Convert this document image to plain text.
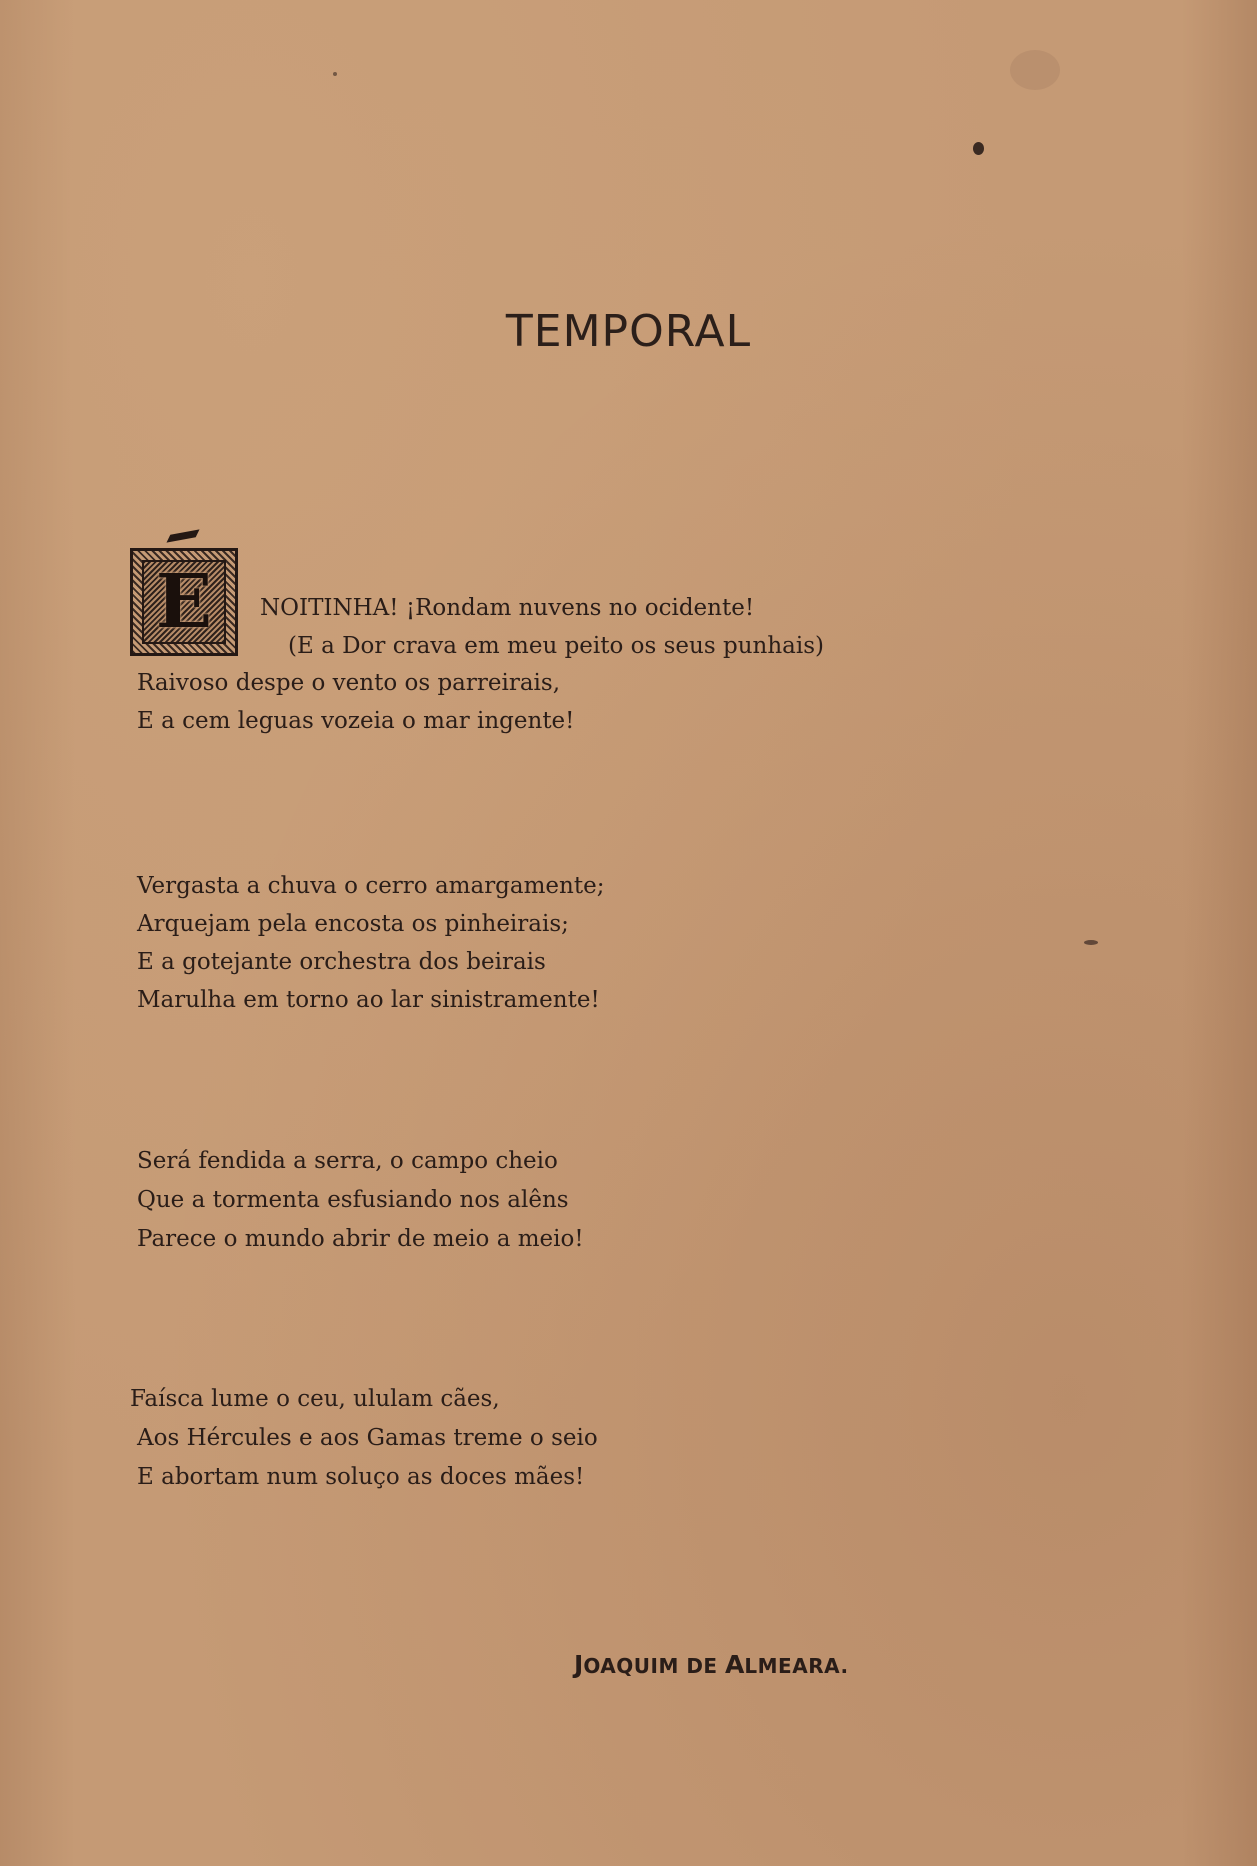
TEMPORAL
E

	NOITINHA! ¡Rondam nuvens no ocidente!

(E a Dor crava em meu peito os seus punhais)

Raivoso despe o vento os parreirais,

E a cem leguas vozeia o mar ingente!

Vergasta a chuva o cerro amargamente;

Arquejam pela encosta os pinheirais;

E a gotejante orchestra dos beirais

Marulha em torno ao lar sinistramente!

Será fendida a serra, o campo cheio

Que a tormenta esfusiando nos alêns

Parece o mundo abrir de meio a meio!

Faísca lume o ceu, ululam cães,

Aos Hércules e aos Gamas treme o seio

E abortam num soluço as doces mães!

JOAQUIM DE ALMEARA.
